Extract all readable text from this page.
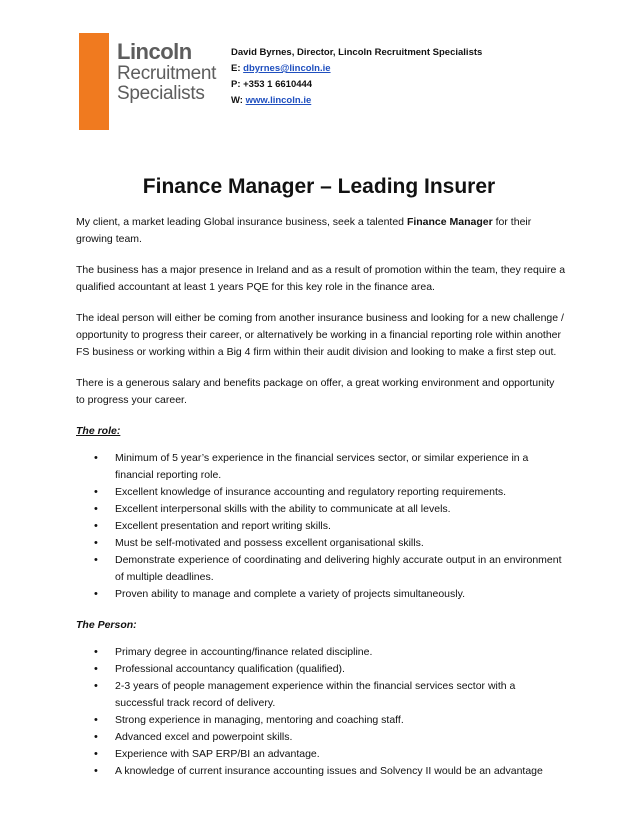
Lincoln
Recruitment
Specialists
David Byrnes, Director, Lincoln Recruitment Specialists
E: dbyrnes@lincoln.ie
P: +353 1 6610444
W: www.lincoln.ie
Finance Manager – Leading Insurer

My client, a market leading Global insurance business, seek a talented Finance Manager for their growing team.

The business has a major presence in Ireland and as a result of promotion within the team, they require a qualified accountant at least 1 years PQE for this key role in the finance area.

The ideal person will either be coming from another insurance business and looking for a new challenge / opportunity to progress their career, or alternatively be working in a financial reporting role within another FS business or working within a Big 4 firm within their audit division and looking to make a first step out.

There is a generous salary and benefits package on offer, a great working environment and opportunity to progress your career.

The role:
• Minimum of 5 year’s experience in the financial services sector, or similar experience in a financial reporting role.
• Excellent knowledge of insurance accounting and regulatory reporting requirements.
• Excellent interpersonal skills with the ability to communicate at all levels.
• Excellent presentation and report writing skills.
• Must be self-motivated and possess excellent organisational skills.
• Demonstrate experience of coordinating and delivering highly accurate output in an environment of multiple deadlines.
• Proven ability to manage and complete a variety of projects simultaneously.
The Person:
• Primary degree in accounting/finance related discipline.
• Professional accountancy qualification (qualified).
• 2-3 years of people management experience within the financial services sector with a successful track record of delivery.
• Strong experience in managing, mentoring and coaching staff.
• Advanced excel and powerpoint skills.
• Experience with SAP ERP/BI an advantage.
• A knowledge of current insurance accounting issues and Solvency II would be an advantage
